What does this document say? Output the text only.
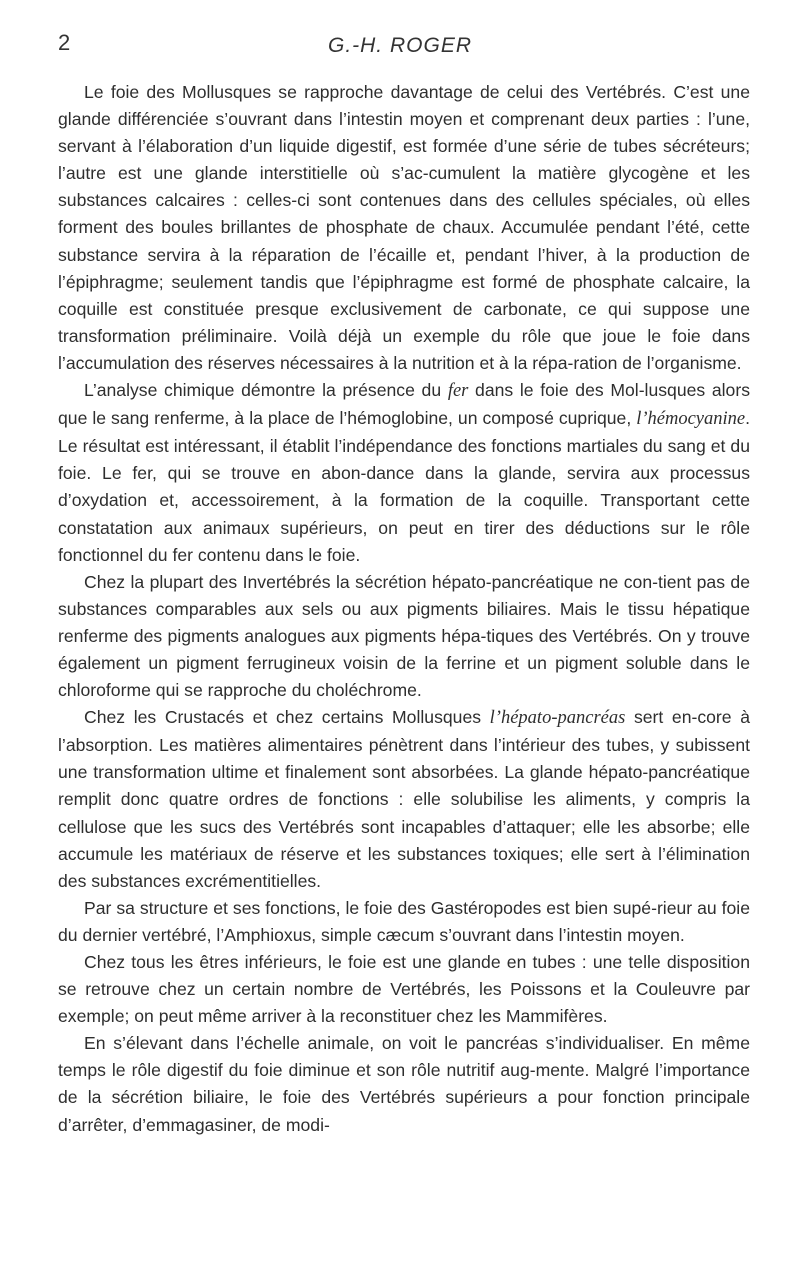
2	G.-H. ROGER

Le foie des Mollusques se rapproche davantage de celui des Vertébrés. C’est une glande différenciée s’ouvrant dans l’intestin moyen et comprenant deux parties : l’une, servant à l’élaboration d’un liquide digestif, est formée d’une série de tubes sécréteurs; l’autre est une glande interstitielle où s’ac-cumulent la matière glycogène et les substances calcaires : celles-ci sont contenues dans des cellules spéciales, où elles forment des boules brillantes de phosphate de chaux. Accumulée pendant l’été, cette substance servira à la réparation de l’écaille et, pendant l’hiver, à la production de l’épiphragme; seulement tandis que l’épiphragme est formé de phosphate calcaire, la coquille est constituée presque exclusivement de carbonate, ce qui suppose une transformation préliminaire. Voilà déjà un exemple du rôle que joue le foie dans l’accumulation des réserves nécessaires à la nutrition et à la répa-ration de l’organisme.

L’analyse chimique démontre la présence du fer dans le foie des Mol-lusques alors que le sang renferme, à la place de l’hémoglobine, un composé cuprique, l’hémocyanine. Le résultat est intéressant, il établit l’indépendance des fonctions martiales du sang et du foie. Le fer, qui se trouve en abon-dance dans la glande, servira aux processus d’oxydation et, accessoirement, à la formation de la coquille. Transportant cette constatation aux animaux supérieurs, on peut en tirer des déductions sur le rôle fonctionnel du fer contenu dans le foie.

Chez la plupart des Invertébrés la sécrétion hépato-pancréatique ne con-tient pas de substances comparables aux sels ou aux pigments biliaires. Mais le tissu hépatique renferme des pigments analogues aux pigments hépa-tiques des Vertébrés. On y trouve également un pigment ferrugineux voisin de la ferrine et un pigment soluble dans le chloroforme qui se rapproche du choléchrome.

Chez les Crustacés et chez certains Mollusques l’hépato-pancréas sert en-core à l’absorption. Les matières alimentaires pénètrent dans l’intérieur des tubes, y subissent une transformation ultime et finalement sont absorbées. La glande hépato-pancréatique remplit donc quatre ordres de fonctions : elle solubilise les aliments, y compris la cellulose que les sucs des Vertébrés sont incapables d’attaquer; elle les absorbe; elle accumule les matériaux de réserve et les substances toxiques; elle sert à l’élimination des substances excrémentitielles.

Par sa structure et ses fonctions, le foie des Gastéropodes est bien supé-rieur au foie du dernier vertébré, l’Amphioxus, simple cæcum s’ouvrant dans l’intestin moyen.

Chez tous les êtres inférieurs, le foie est une glande en tubes : une telle disposition se retrouve chez un certain nombre de Vertébrés, les Poissons et la Couleuvre par exemple; on peut même arriver à la reconstituer chez les Mammifères.

En s’élevant dans l’échelle animale, on voit le pancréas s’individualiser. En même temps le rôle digestif du foie diminue et son rôle nutritif aug-mente. Malgré l’importance de la sécrétion biliaire, le foie des Vertébrés supérieurs a pour fonction principale d’arrêter, d’emmagasiner, de modi-
